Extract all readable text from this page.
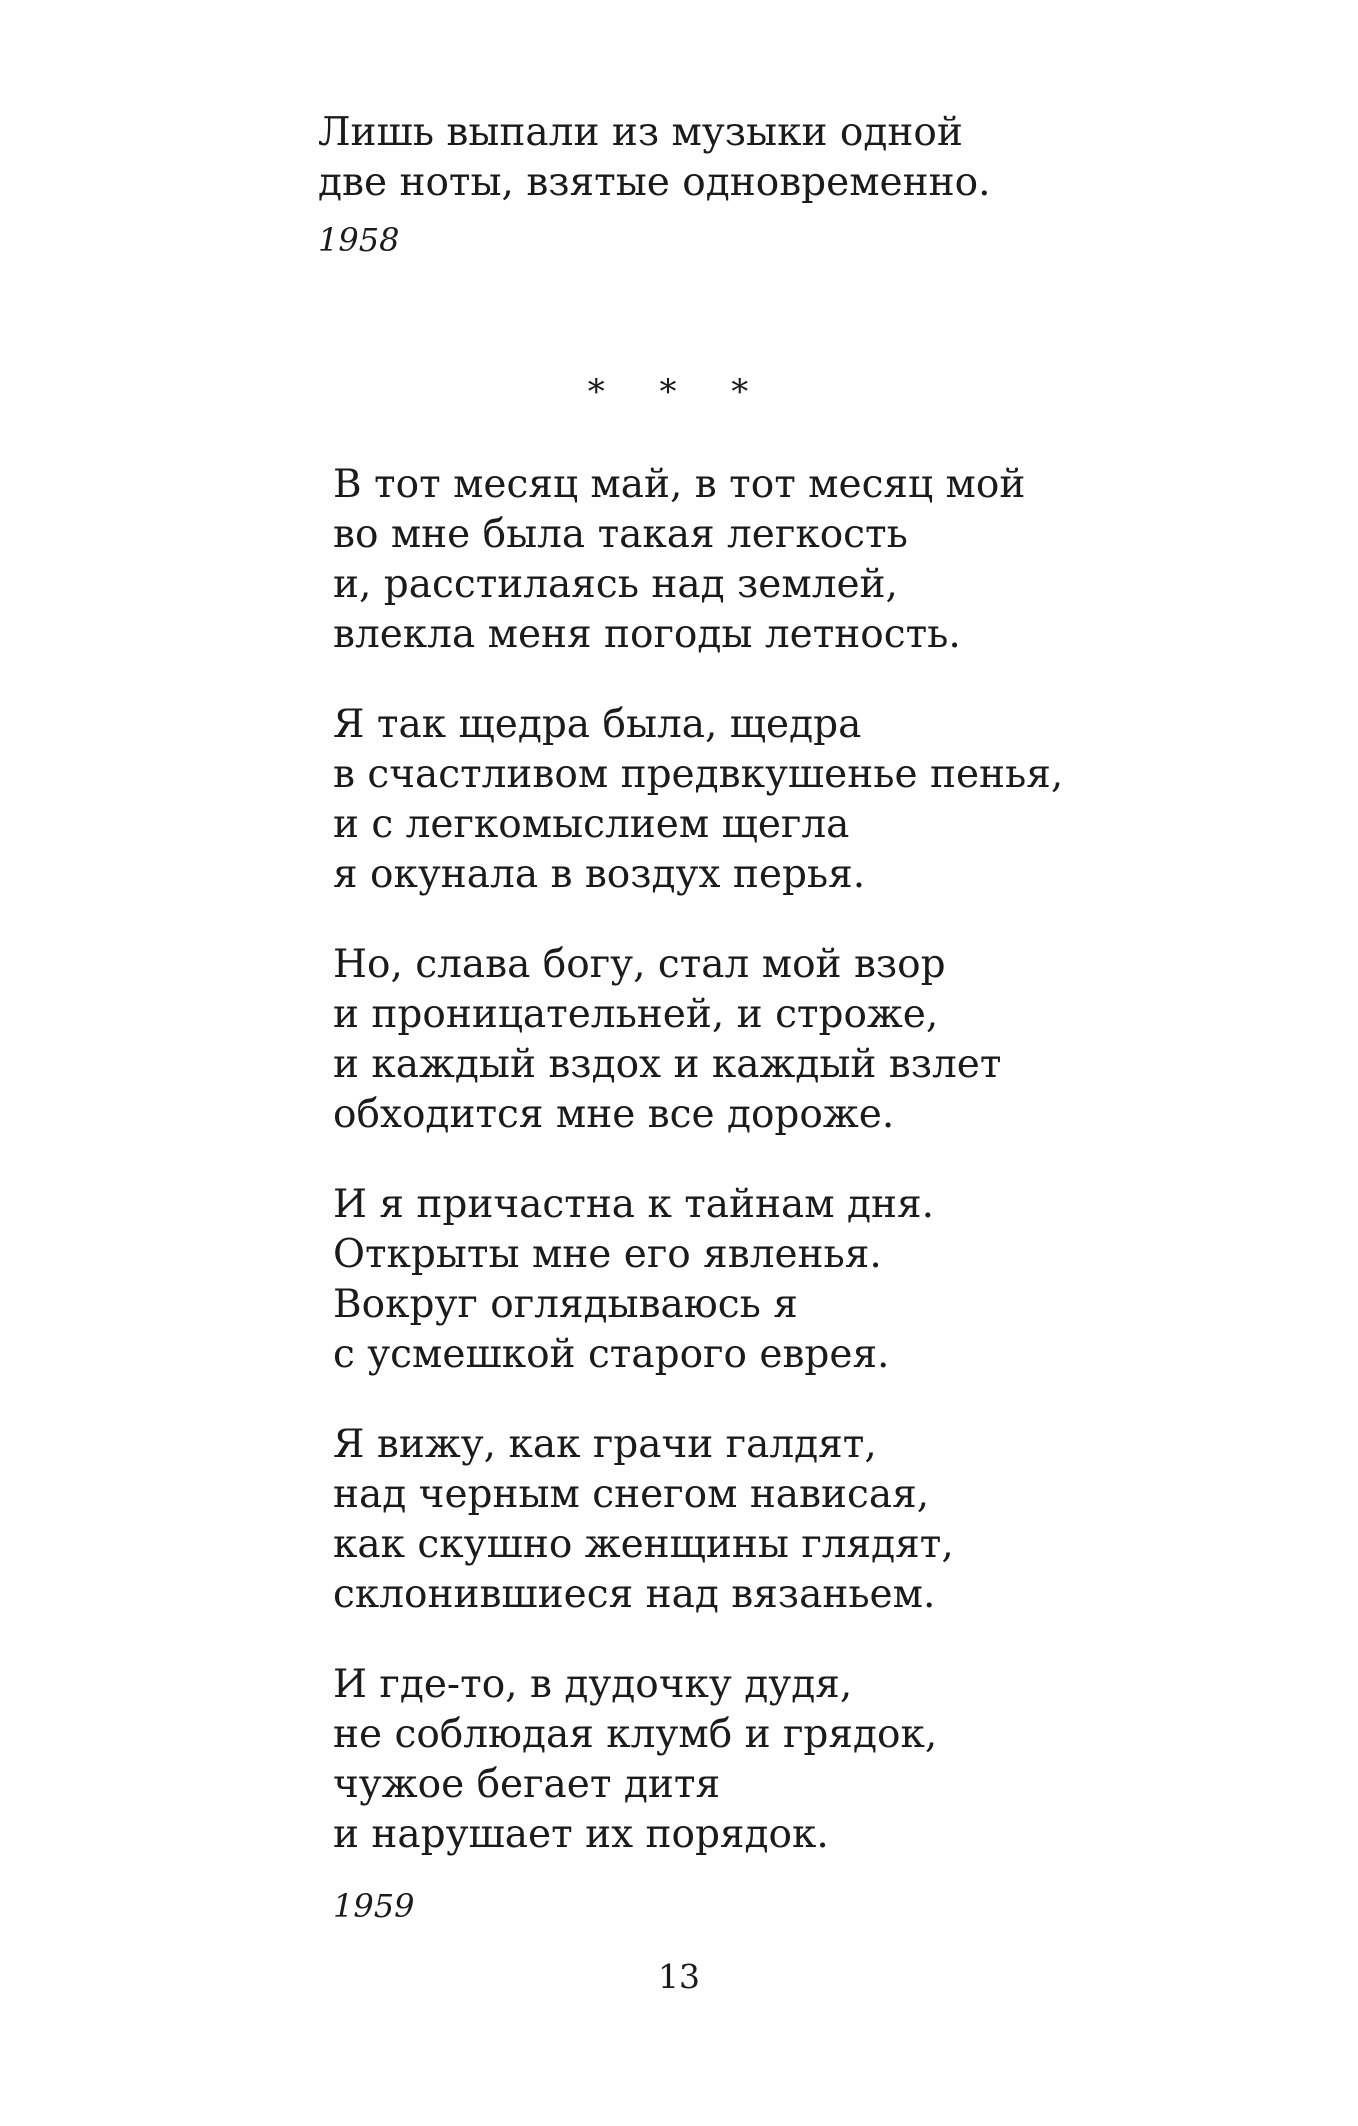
Лишь выпали из музыки одной
две ноты, взятые одновременно.
1958
* * *
В тот месяц май, в тот месяц мой
во мне была такая легкость
и, расстилаясь над землей,
влекла меня погоды летность.
Я так щедра была, щедра
в счастливом предвкушенье пенья,
и с легкомыслием щегла
я окунала в воздух перья.
Но, слава богу, стал мой взор
и проницательней, и строже,
и каждый вздох и каждый взлет
обходится мне все дороже.
И я причастна к тайнам дня.
Открыты мне его явленья.
Вокруг оглядываюсь я
с усмешкой старого еврея.
Я вижу, как грачи галдят,
над черным снегом нависая,
как скушно женщины глядят,
склонившиеся над вязаньем.
И где-то, в дудочку дудя,
не соблюдая клумб и грядок,
чужое бегает дитя
и нарушает их порядок.
1959
13
